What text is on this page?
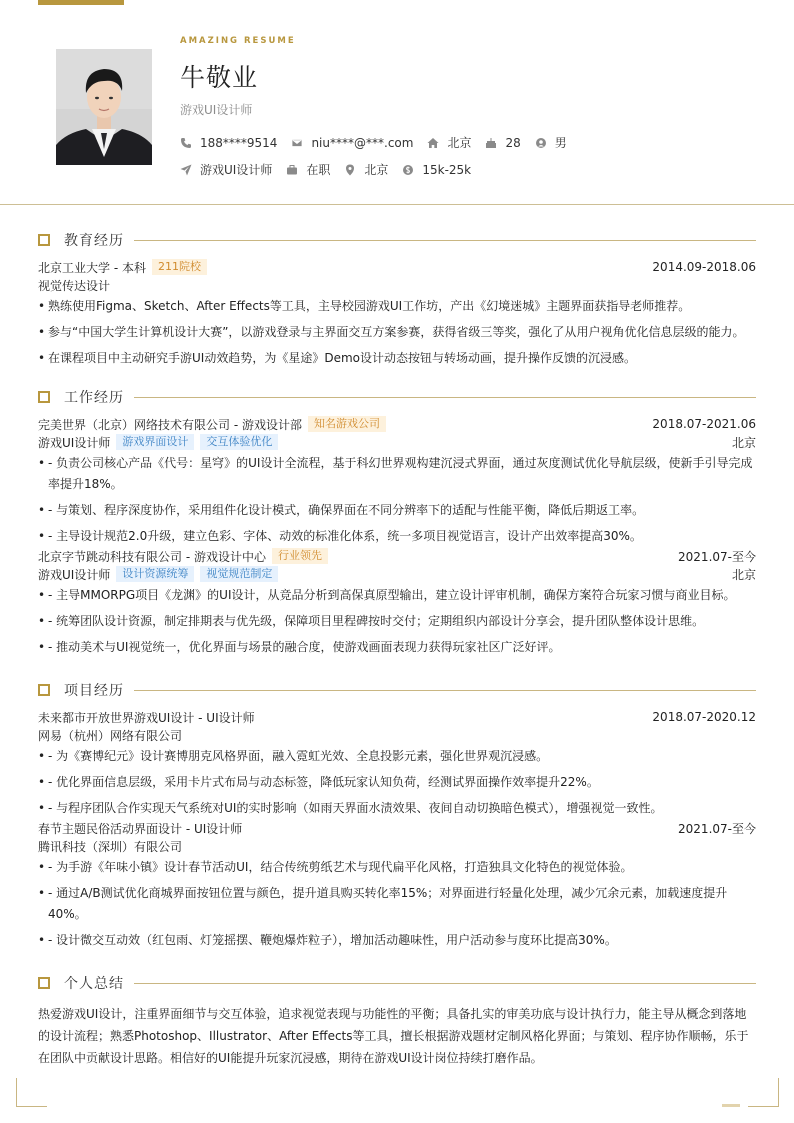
AMAZING RESUME
牛敬业
游戏UI设计师
188****9514	niu****@***.com	北京	28	男
游戏UI设计师	在职	北京	15k-25k
教育经历
北京工业大学 - 本科	211院校	2014.09-2018.06
视觉传达设计
• 熟练使用Figma、Sketch、After Effects等工具，主导校园游戏UI工作坊，产出《幻境迷城》主题界面获指导老师推荐。
• 参与“中国大学生计算机设计大赛”，以游戏登录与主界面交互方案参赛，获得省级三等奖，强化了从用户视角优化信息层级的能力。
• 在课程项目中主动研究手游UI动效趋势，为《星途》Demo设计动态按钮与转场动画，提升操作反馈的沉浸感。
工作经历
完美世界（北京）网络技术有限公司 - 游戏设计部	知名游戏公司	2018.07-2021.06
游戏UI设计师	游戏界面设计	交互体验优化	北京
• - 负责公司核心产品《代号：星穹》的UI设计全流程，基于科幻世界观构建沉浸式界面，通过灰度测试优化导航层级，使新手引导完成率提升18%。
• - 与策划、程序深度协作，采用组件化设计模式，确保界面在不同分辨率下的适配与性能平衡，降低后期返工率。
• - 主导设计规范2.0升级，建立色彩、字体、动效的标准化体系，统一多项目视觉语言，设计产出效率提高30%。
北京字节跳动科技有限公司 - 游戏设计中心	行业领先	2021.07-至今
游戏UI设计师	设计资源统筹	视觉规范制定	北京
• - 主导MMORPG项目《龙渊》的UI设计，从竞品分析到高保真原型输出，建立设计评审机制，确保方案符合玩家习惯与商业目标。
• - 统筹团队设计资源，制定排期表与优先级，保障项目里程碑按时交付；定期组织内部设计分享会，提升团队整体设计思维。
• - 推动美术与UI视觉统一，优化界面与场景的融合度，使游戏画面表现力获得玩家社区广泛好评。
项目经历
未来都市开放世界游戏UI设计 - UI设计师	2018.07-2020.12
网易（杭州）网络有限公司
• - 为《赛博纪元》设计赛博朋克风格界面，融入霓虹光效、全息投影元素，强化世界观沉浸感。
• - 优化界面信息层级，采用卡片式布局与动态标签，降低玩家认知负荷，经测试界面操作效率提升22%。
• - 与程序团队合作实现天气系统对UI的实时影响（如雨天界面水渍效果、夜间自动切换暗色模式），增强视觉一致性。
春节主题民俗活动界面设计 - UI设计师	2021.07-至今
腾讯科技（深圳）有限公司
• - 为手游《年味小镇》设计春节活动UI，结合传统剪纸艺术与现代扁平化风格，打造独具文化特色的视觉体验。
• - 通过A/B测试优化商城界面按钮位置与颜色，提升道具购买转化率15%；对界面进行轻量化处理，减少冗余元素，加载速度提升40%。
• - 设计微交互动效（红包雨、灯笼摇摆、鞭炮爆炸粒子），增加活动趣味性，用户活动参与度环比提高30%。
个人总结
热爱游戏UI设计，注重界面细节与交互体验，追求视觉表现与功能性的平衡；具备扎实的审美功底与设计执行力，能主导从概念到落地的设计流程；熟悉Photoshop、Illustrator、After Effects等工具，擅长根据游戏题材定制风格化界面；与策划、程序协作顺畅，乐于在团队中贡献设计思路。相信好的UI能提升玩家沉浸感，期待在游戏UI设计岗位持续打磨作品。
